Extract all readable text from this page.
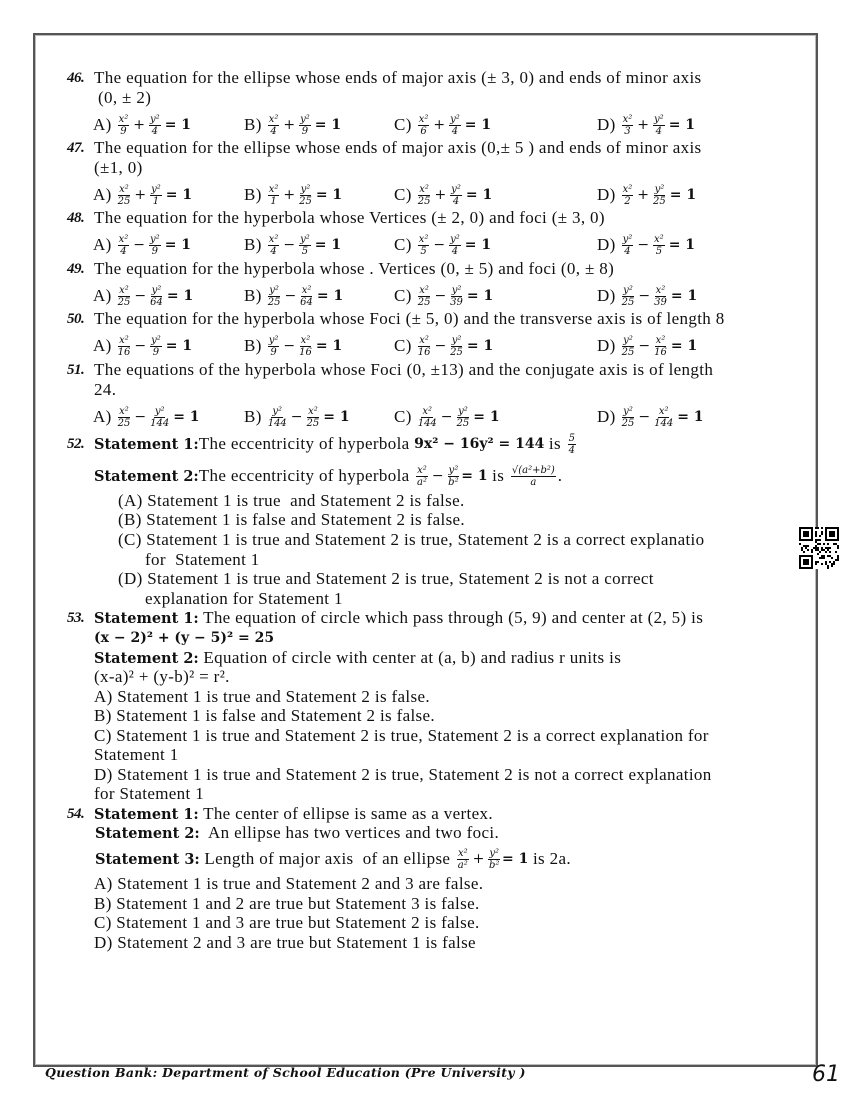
46. The equation for the ellipse whose ends of major axis (± 3, 0) and ends of minor axis
(0, ± 2)
$A) \frac{\text{x²}}{9} + \frac{\text{y²}}{4} = 1$	$B) \frac{\text{x²}}{4} + \frac{\text{y²}}{9} = 1$	$C) \frac{\text{x²}}{6} + \frac{\text{y²}}{4} = 1$	$D) \frac{\text{x²}}{3} + \frac{\text{y²}}{4} = 1$
47. The equation for the ellipse whose ends of major axis (0,± 5 ) and ends of minor axis
(±1, 0)
$A) \frac{\text{x²}}{25} + \frac{\text{y²}}{1} = 1$	$B) \frac{\text{x²}}{1} + \frac{\text{y²}}{25} = 1$	$C) \frac{\text{x²}}{25} + \frac{\text{y²}}{4} = 1$	$D) \frac{\text{x²}}{2} + \frac{\text{y²}}{25} = 1$
48. The equation for the hyperbola whose Vertices (± 2, 0) and foci (± 3, 0)
$A) \frac{\text{x²}}{4} - \frac{\text{y²}}{9} = 1$	$B) \frac{\text{x²}}{4} - \frac{\text{y²}}{5} = 1$	$C) \frac{\text{x²}}{5} - \frac{\text{y²}}{4} = 1$	$D) \frac{\text{y²}}{4} - \frac{\text{x²}}{5} = 1$
49. The equation for the hyperbola whose . Vertices (0, ± 5) and foci (0, ± 8)
$A) \frac{\text{x²}}{25} - \frac{\text{y²}}{64} = 1$	$B) \frac{\text{y²}}{25} - \frac{\text{x²}}{64} = 1$	$C) \frac{\text{x²}}{25} - \frac{\text{y²}}{39} = 1$	$D) \frac{\text{y²}}{25} - \frac{\text{x²}}{39} = 1$
50. The equation for the hyperbola whose Foci (± 5, 0) and the transverse axis is of length 8
$A) \frac{\text{x²}}{16} - \frac{\text{y²}}{9} = 1$	$B) \frac{\text{y²}}{9} - \frac{\text{x²}}{16} = 1$	$C) \frac{\text{x²}}{16} - \frac{\text{y²}}{25} = 1$	$D) \frac{\text{y²}}{25} - \frac{\text{x²}}{16} = 1$
51. The equations of the hyperbola whose Foci (0, ±13) and the conjugate axis is of length
24.
$A) \frac{\text{x²}}{25} - \frac{\text{y²}}{144} = 1$	$B) \frac{\text{y²}}{144} - \frac{\text{x²}}{25} = 1$	$C) \frac{\text{x²}}{144} - \frac{\text{y²}}{25} = 1$	$D) \frac{\text{y²}}{25} - \frac{\text{x²}}{144} = 1$
52. Statement 1: The eccentricity of hyperbola 9x² − 16y² = 144 is $\frac{5}{4}$
Statement 2: The eccentricity of hyperbola $\frac{\text{x²}}{\text{a²}} - \frac{\text{y²}}{\text{b²}} = 1$ is $\frac{\text{√(a²+b²)}}{a}$ .
(A) Statement 1 is true  and Statement 2 is false.
(B) Statement 1 is false and Statement 2 is false.
(C) Statement 1 is true and Statement 2 is true, Statement 2 is a correct explanatio
for  Statement 1
(D) Statement 1 is true and Statement 2 is true, Statement 2 is not a correct
explanation for Statement 1
53. Statement 1: The equation of circle which pass through (5, 9) and center at (2, 5) is
(x − 2)² + (y − 5)² = 25
Statement 2: Equation of circle with center at (a, b) and radius r units is
(x-a)² + (y-b)² = r².
A) Statement 1 is true and Statement 2 is false.
B) Statement 1 is false and Statement 2 is false.
C) Statement 1 is true and Statement 2 is true, Statement 2 is a correct explanation for
Statement 1
D) Statement 1 is true and Statement 2 is true, Statement 2 is not a correct explanation
for Statement 1
54. Statement 1: The center of ellipse is same as a vertex.
Statement 2: An ellipse has two vertices and two foci.
Statement 3: Length of major axis  of an ellipse $\frac{\text{x²}}{\text{a²}} + \frac{\text{y²}}{\text{b²}} = 1$ is 2a.
A) Statement 1 is true and Statement 2 and 3 are false.
B) Statement 1 and 2 are true but Statement 3 is false.
C) Statement 1 and 3 are true but Statement 2 is false.
D) Statement 2 and 3 are true but Statement 1 is false
Question Bank: Department of School Education (Pre University )	61
